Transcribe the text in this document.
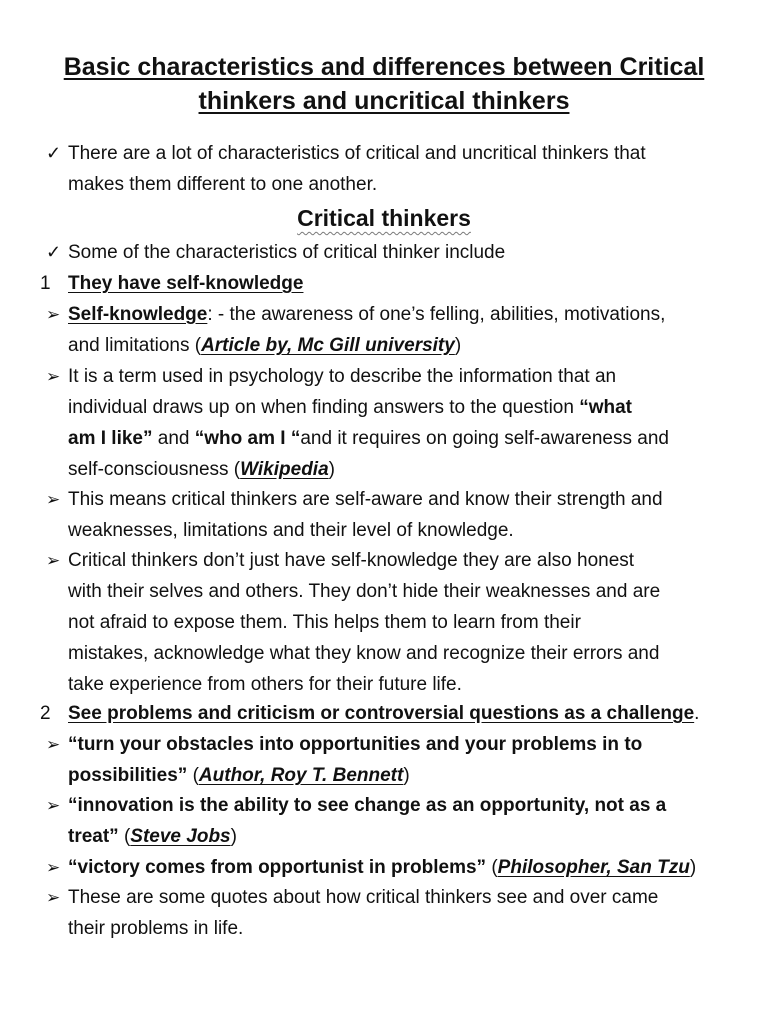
Basic characteristics and differences between Critical
thinkers and uncritical thinkers
✓ There are a lot of characteristics of critical and uncritical thinkers that
makes them different to one another.
Critical thinkers
✓ Some of the characteristics of critical thinker include
1 They have self-knowledge
➢ Self-knowledge: - the awareness of one’s felling, abilities, motivations,
and limitations (Article by, Mc Gill university)
➢ It is a term used in psychology to describe the information that an
individual draws up on when finding answers to the question “what
am I like” and “who am I “and it requires on going self-awareness and
self-consciousness (Wikipedia)
➢ This means critical thinkers are self-aware and know their strength and
weaknesses, limitations and their level of knowledge.
➢ Critical thinkers don’t just have self-knowledge they are also honest
with their selves and others. They don’t hide their weaknesses and are
not afraid to expose them. This helps them to learn from their
mistakes, acknowledge what they know and recognize their errors and
take experience from others for their future life.
2 See problems and criticism or controversial questions as a challenge.
➢ “turn your obstacles into opportunities and your problems in to
possibilities” (Author, Roy T. Bennett)
➢ “innovation is the ability to see change as an opportunity, not as a
treat” (Steve Jobs)
➢ “victory comes from opportunist in problems” (Philosopher, San Tzu)
➢ These are some quotes about how critical thinkers see and over came
their problems in life.
